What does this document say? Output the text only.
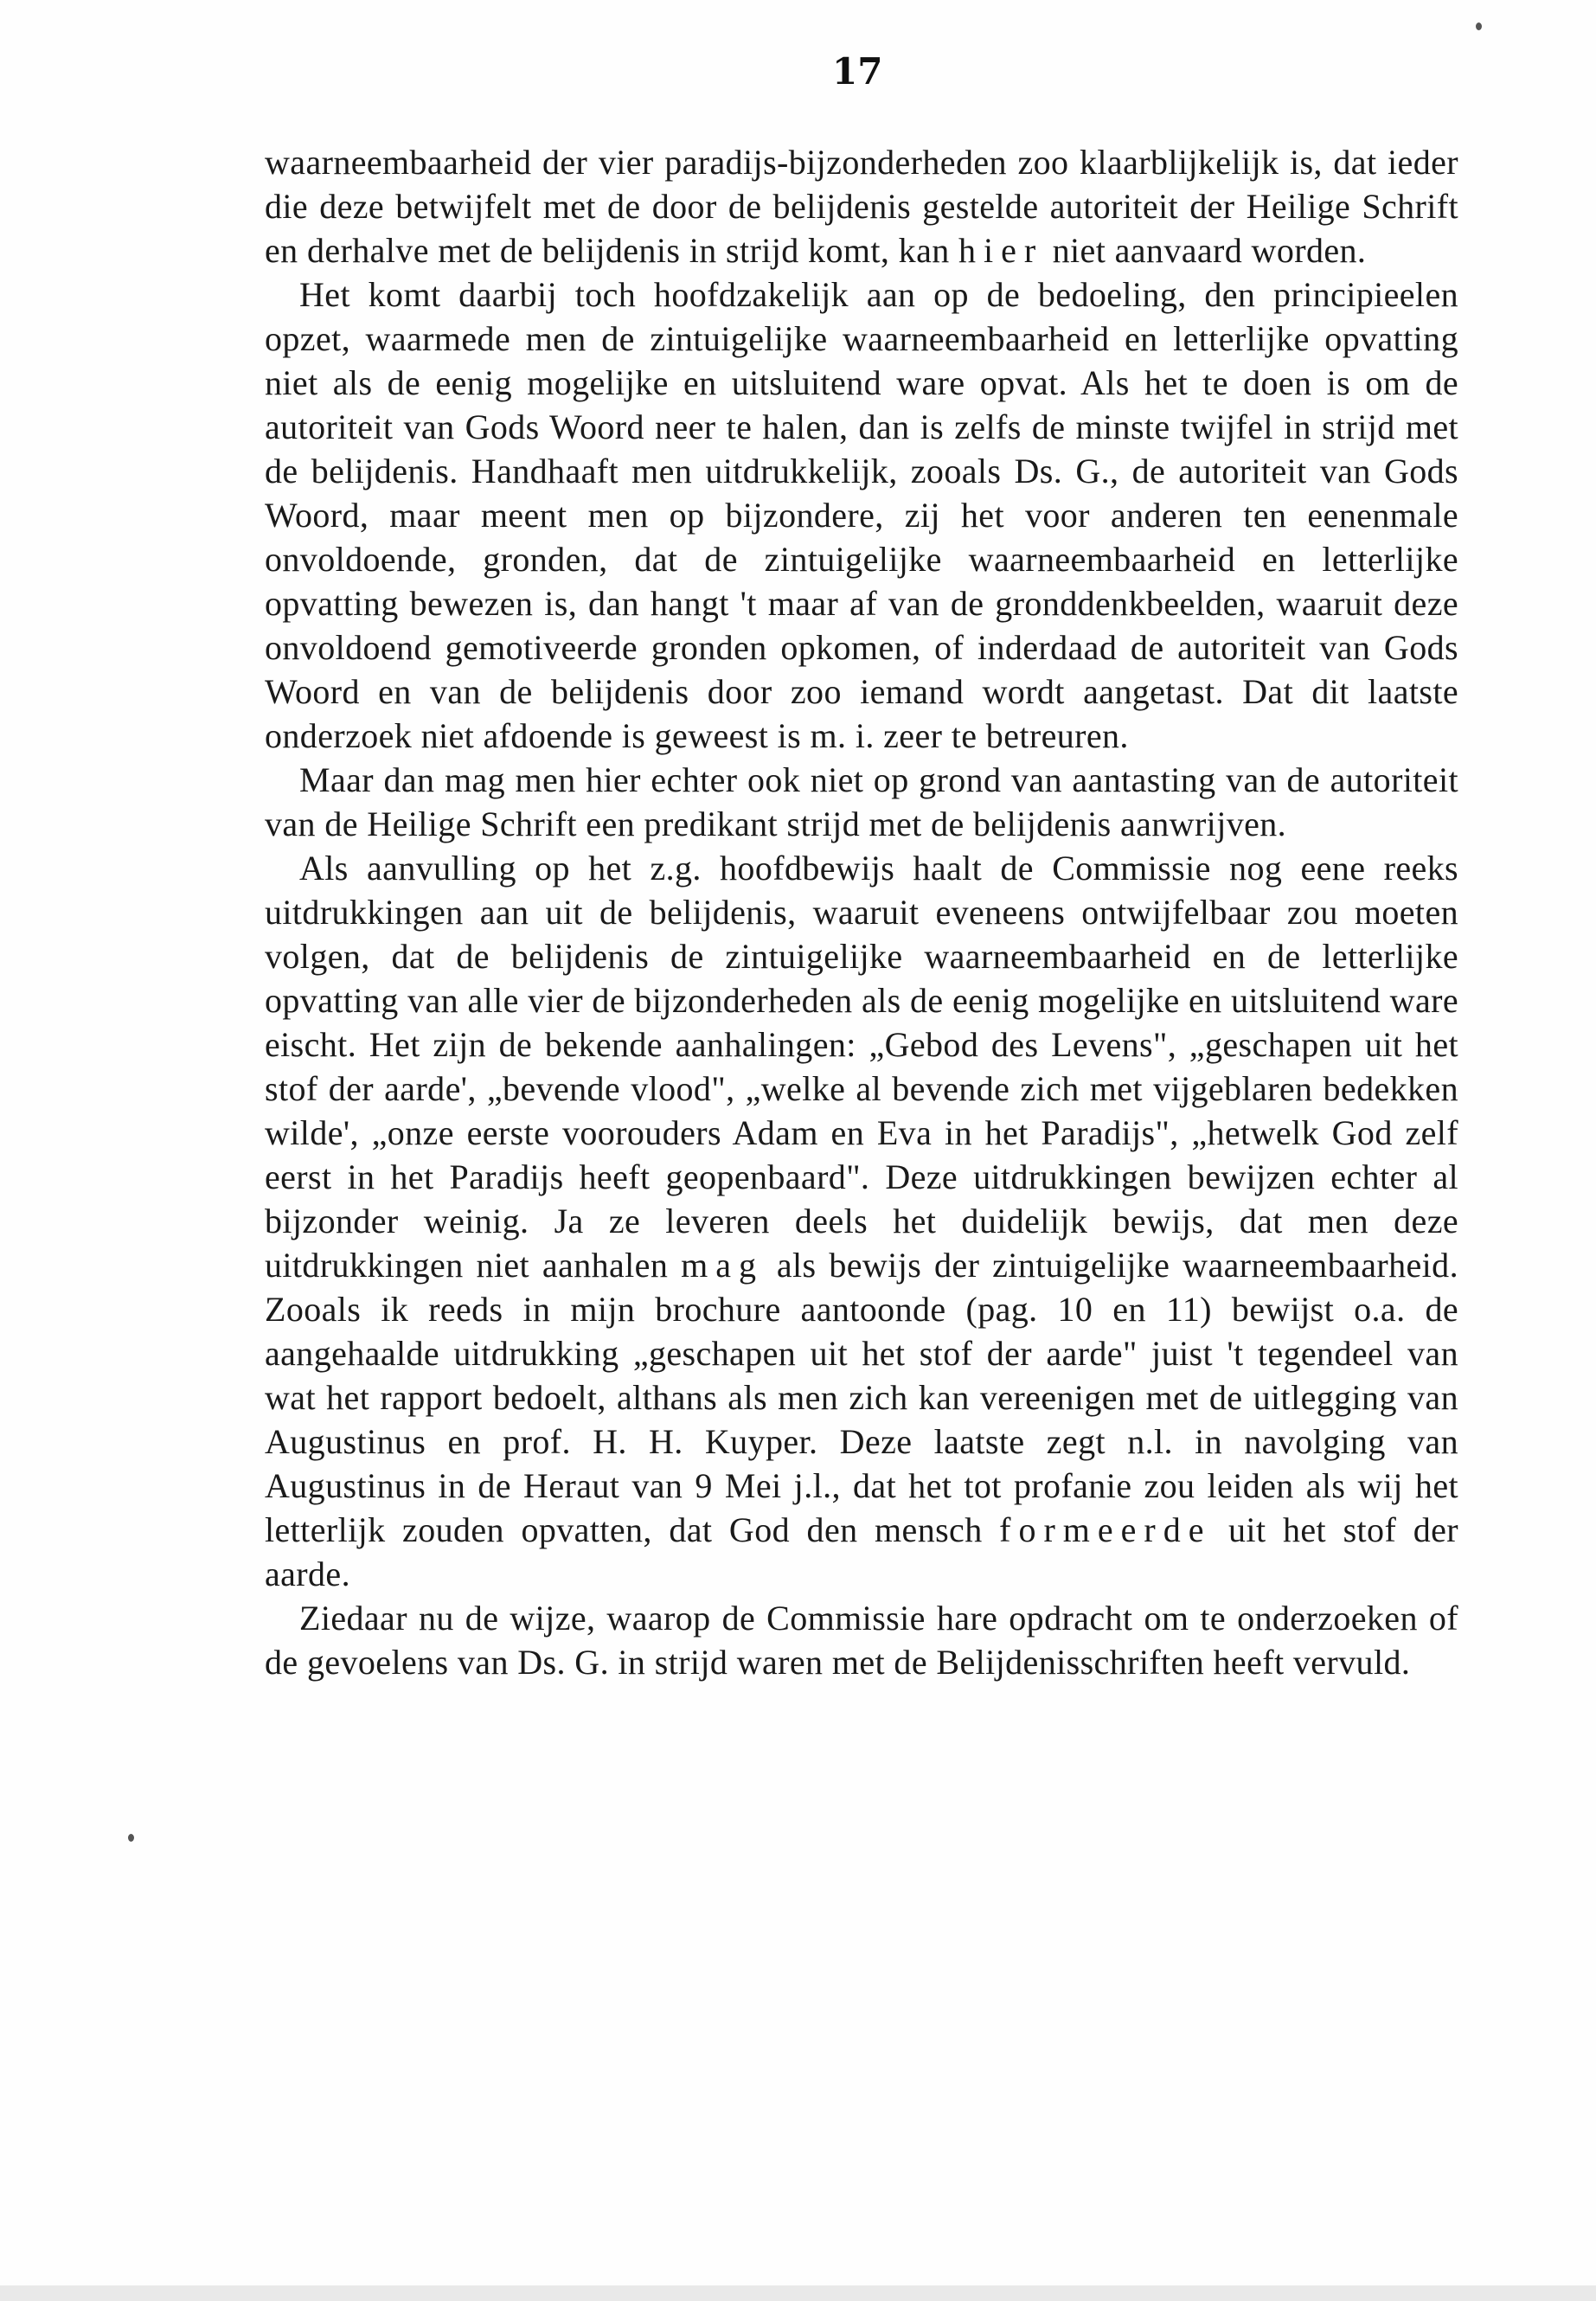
17

waarneembaarheid der vier paradijs-bijzonderheden zoo klaarblijkelijk is, dat ieder die deze betwijfelt met de door de belijdenis gestelde autoriteit der Heilige Schrift en derhalve met de belijdenis in strijd komt, kan hier niet aanvaard worden.

Het komt daarbij toch hoofdzakelijk aan op de bedoeling, den principieelen opzet, waarmede men de zintuigelijke waarneembaarheid en letterlijke opvatting niet als de eenig mogelijke en uitsluitend ware opvat. Als het te doen is om de autoriteit van Gods Woord neer te halen, dan is zelfs de minste twijfel in strijd met de belijdenis. Handhaaft men uitdrukkelijk, zooals Ds. G., de autoriteit van Gods Woord, maar meent men op bijzondere, zij het voor anderen ten eenenmale onvoldoende, gronden, dat de zintuigelijke waarneembaarheid en letterlijke opvatting bewezen is, dan hangt 't maar af van de gronddenkbeelden, waaruit deze onvoldoend gemotiveerde gronden opkomen, of inderdaad de autoriteit van Gods Woord en van de belijdenis door zoo iemand wordt aangetast. Dat dit laatste onderzoek niet afdoende is geweest is m. i. zeer te betreuren.

Maar dan mag men hier echter ook niet op grond van aantasting van de autoriteit van de Heilige Schrift een predikant strijd met de belijdenis aanwrijven.

Als aanvulling op het z.g. hoofdbewijs haalt de Commissie nog eene reeks uitdrukkingen aan uit de belijdenis, waaruit eveneens ontwijfelbaar zou moeten volgen, dat de belijdenis de zintuigelijke waarneembaarheid en de letterlijke opvatting van alle vier de bijzonderheden als de eenig mogelijke en uitsluitend ware eischt. Het zijn de bekende aanhalingen: „Gebod des Levens", „geschapen uit het stof der aarde', „bevende vlood", „welke al bevende zich met vijgeblaren bedekken wilde', „onze eerste voorouders Adam en Eva in het Paradijs", „hetwelk God zelf eerst in het Paradijs heeft geopenbaard". Deze uitdrukkingen bewijzen echter al bijzonder weinig. Ja ze leveren deels het duidelijk bewijs, dat men deze uitdrukkingen niet aanhalen mag als bewijs der zintuigelijke waarneembaarheid. Zooals ik reeds in mijn brochure aantoonde (pag. 10 en 11) bewijst o.a. de aangehaalde uitdrukking „geschapen uit het stof der aarde" juist 't tegendeel van wat het rapport bedoelt, althans als men zich kan vereenigen met de uitlegging van Augustinus en prof. H. H. Kuyper. Deze laatste zegt n.l. in navolging van Augustinus in de Heraut van 9 Mei j.l., dat het tot profanie zou leiden als wij het letterlijk zouden opvatten, dat God den mensch formeerde uit het stof der aarde.

Ziedaar nu de wijze, waarop de Commissie hare opdracht om te onderzoeken of de gevoelens van Ds. G. in strijd waren met de Belijdenisschriften heeft vervuld.
